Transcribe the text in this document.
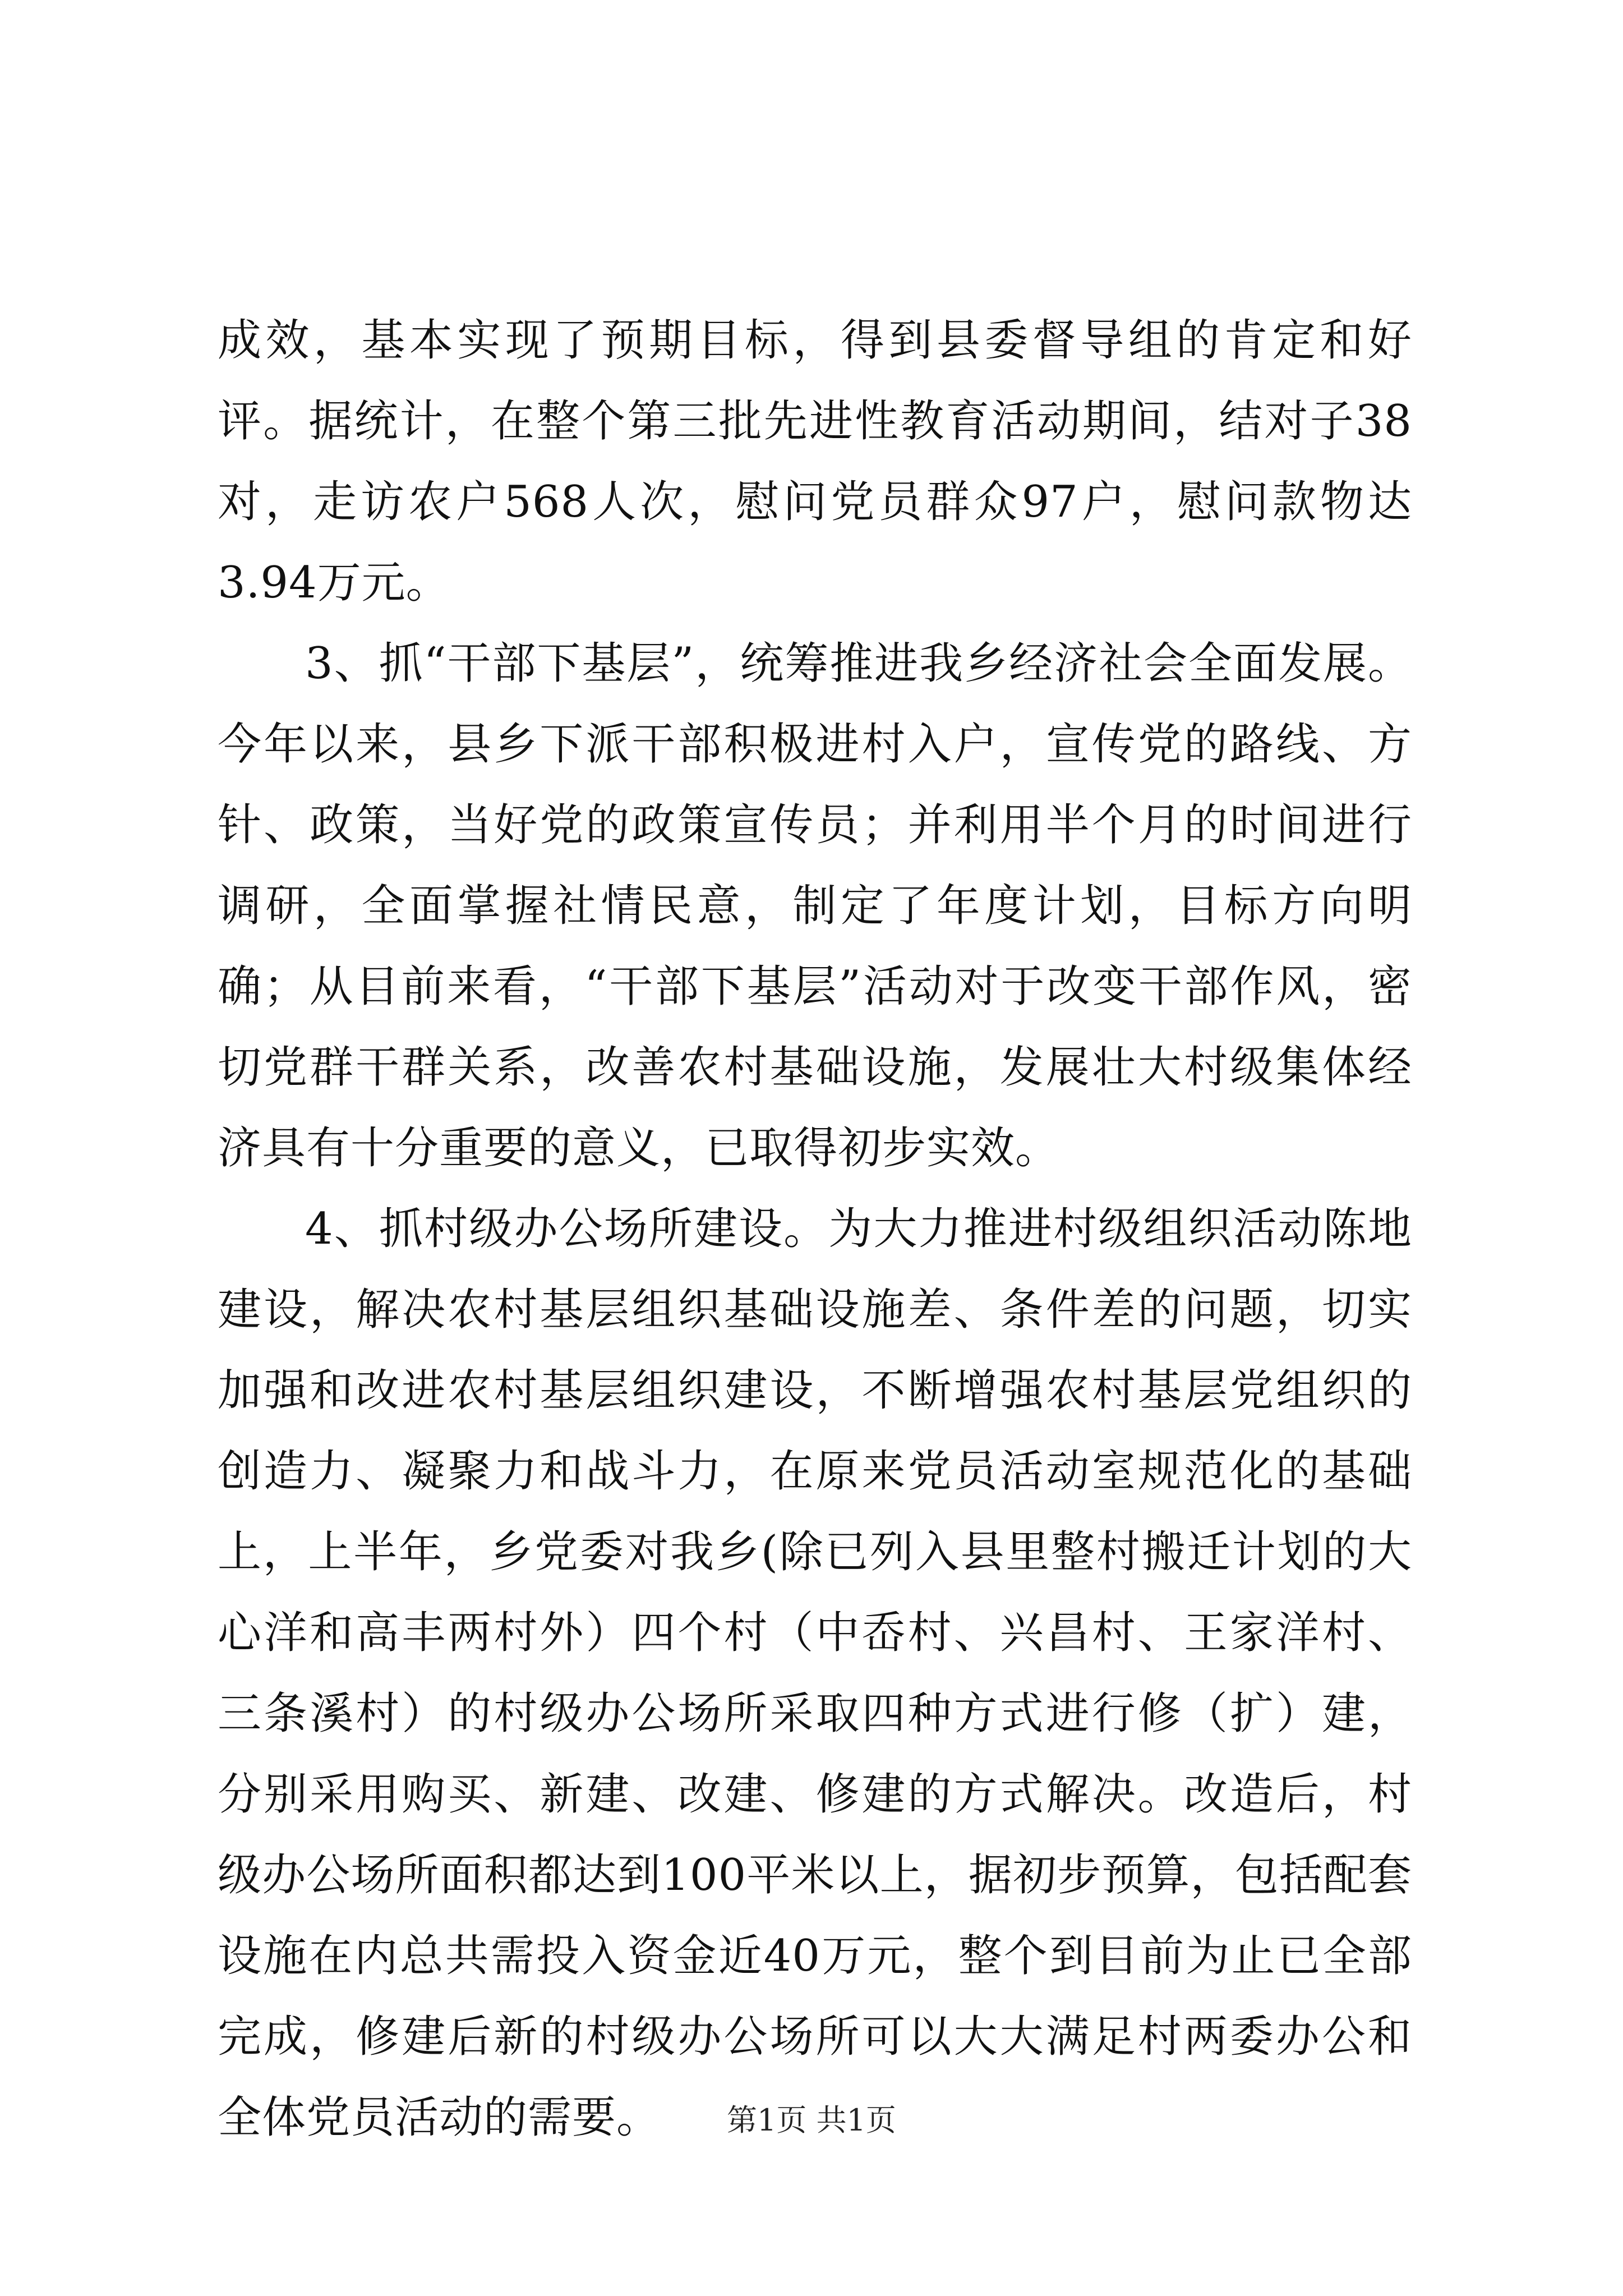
成效，基本实现了预期目标，得到县委督导组的肯定和好评。据统计，在整个第三批先进性教育活动期间，结对子38对，走访农户568人次，慰问党员群众97户，慰问款物达3.94万元。

3、抓“干部下基层”，统筹推进我乡经济社会全面发展。今年以来，县乡下派干部积极进村入户，宣传党的路线、方针、政策，当好党的政策宣传员；并利用半个月的时间进行调研，全面掌握社情民意，制定了年度计划，目标方向明确；从目前来看，“干部下基层”活动对于改变干部作风，密切党群干群关系，改善农村基础设施，发展壮大村级集体经济具有十分重要的意义，已取得初步实效。

4、抓村级办公场所建设。为大力推进村级组织活动陈地建设，解决农村基层组织基础设施差、条件差的问题，切实加强和改进农村基层组织建设，不断增强农村基层党组织的创造力、凝聚力和战斗力，在原来党员活动室规范化的基础上，上半年，乡党委对我乡(除已列入县里整村搬迁计划的大心洋和高丰两村外）四个村（中岙村、兴昌村、王家洋村、三条溪村）的村级办公场所采取四种方式进行修（扩）建，分别采用购买、新建、改建、修建的方式解决。改造后，村级办公场所面积都达到100平米以上，据初步预算，包括配套设施在内总共需投入资金近40万元，整个到目前为止已全部完成，修建后新的村级办公场所可以大大满足村两委办公和全体党员活动的需要。	第1页 共1页
